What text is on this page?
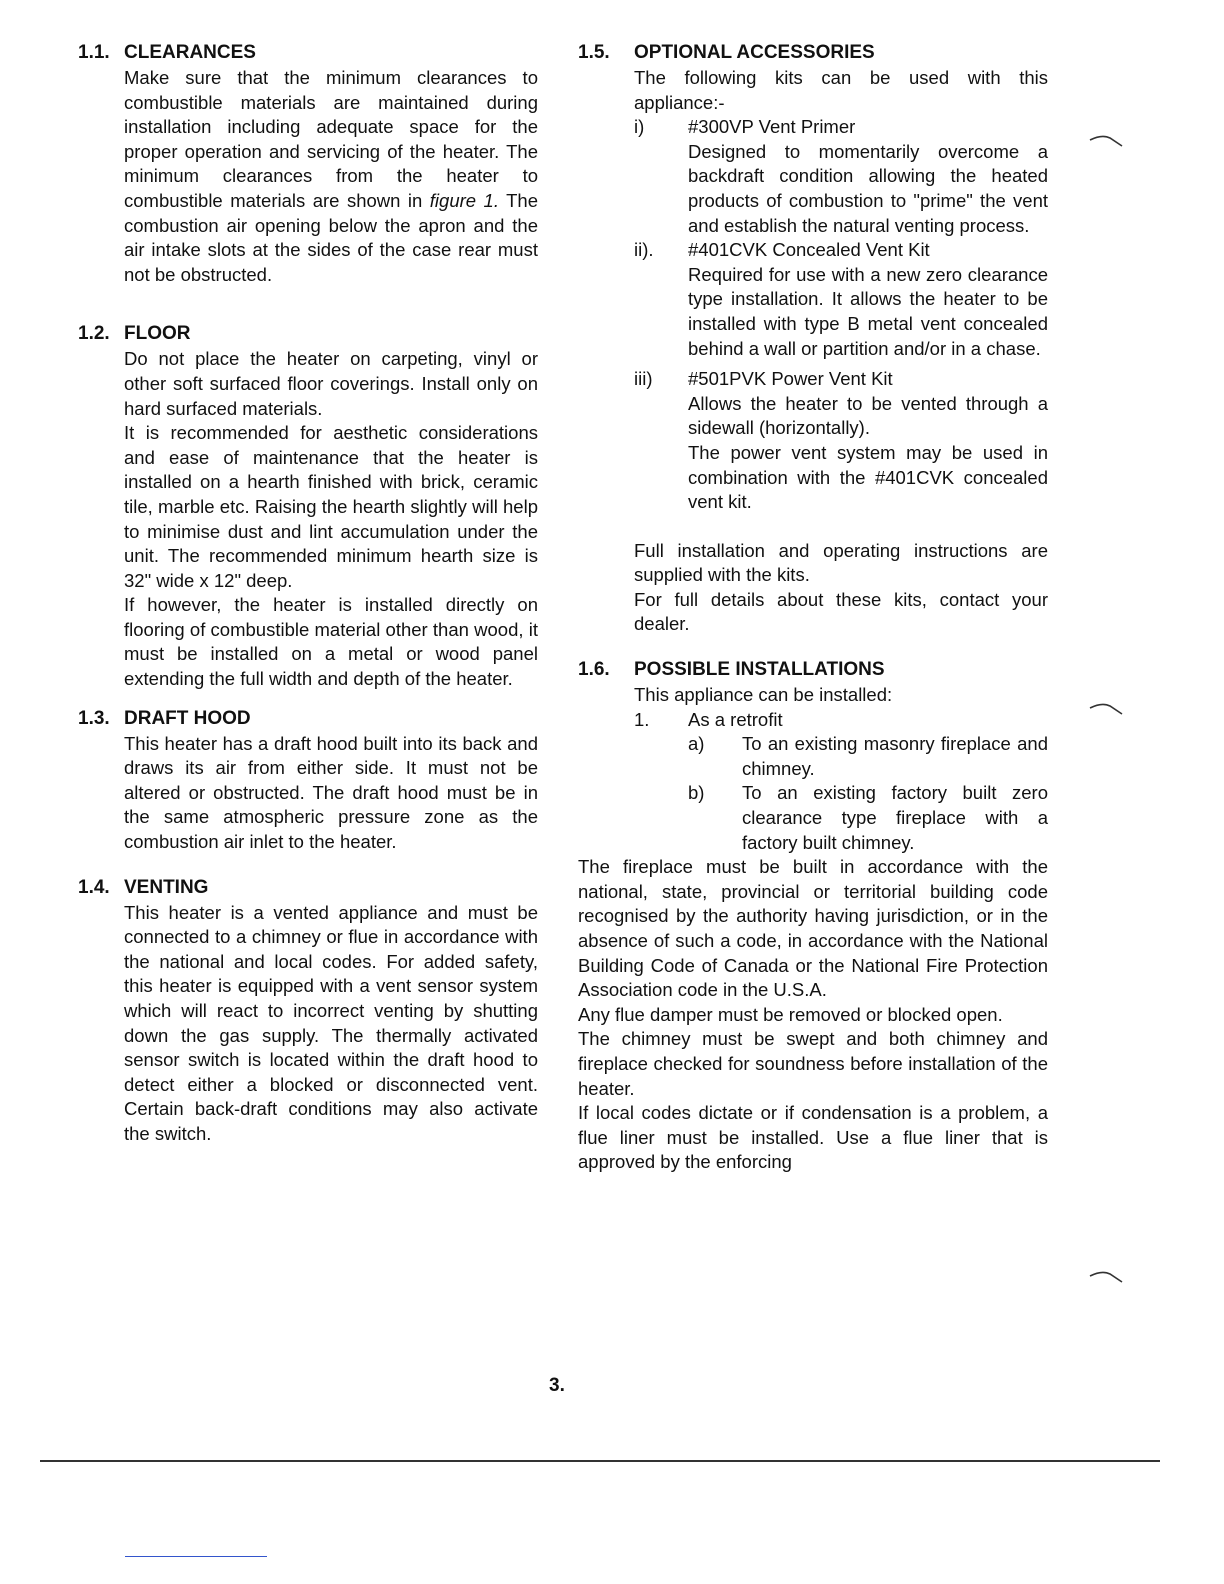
1.1. CLEARANCES

Make sure that the minimum clearances to combustible materials are maintained during installation including adequate space for the proper operation and servicing of the heater. The minimum clearances from the heater to combustible materials are shown in figure 1. The combustion air opening below the apron and the air intake slots at the sides of the case rear must not be obstructed.

1.2. FLOOR

Do not place the heater on carpeting, vinyl or other soft surfaced floor coverings. Install only on hard surfaced materials.

It is recommended for aesthetic considerations and ease of maintenance that the heater is installed on a hearth finished with brick, ceramic tile, marble etc. Raising the hearth slightly will help to minimise dust and lint accumulation under the unit. The recommended minimum hearth size is 32" wide x 12" deep.

If however, the heater is installed directly on flooring of combustible material other than wood, it must be installed on a metal or wood panel extending the full width and depth of the heater.

1.3. DRAFT HOOD

This heater has a draft hood built into its back and draws its air from either side. It must not be altered or obstructed. The draft hood must be in the same atmospheric pressure zone as the combustion air inlet to the heater.

1.4. VENTING

This heater is a vented appliance and must be connected to a chimney or flue in accordance with the national and local codes. For added safety, this heater is equipped with a vent sensor system which will react to incorrect venting by shutting down the gas supply. The thermally activated sensor switch is located within the draft hood to detect either a blocked or disconnected vent. Certain back-draft conditions may also activate the switch.

1.5. OPTIONAL ACCESSORIES

The following kits can be used with this appliance:-

i) #300VP Vent Primer

Designed to momentarily overcome a backdraft condition allowing the heated products of combustion to "prime" the vent and establish the natural venting process.

ii). #401CVK Concealed Vent Kit

Required for use with a new zero clearance type installation. It allows the heater to be installed with type B metal vent concealed behind a wall or partition and/or in a chase.

iii) #501PVK Power Vent Kit

Allows the heater to be vented through a sidewall (horizontally).

The power vent system may be used in combination with the #401CVK concealed vent kit.

Full installation and operating instructions are supplied with the kits.

For full details about these kits, contact your dealer.

1.6. POSSIBLE INSTALLATIONS

This appliance can be installed:

1. As a retrofit

a) To an existing masonry fireplace and chimney.

b) To an existing factory built zero clearance type fireplace with a factory built chimney.

The fireplace must be built in accordance with the national, state, provincial or territorial building code recognised by the authority having jurisdiction, or in the absence of such a code, in accordance with the National Building Code of Canada or the National Fire Protection Association code in the U.S.A.

Any flue damper must be removed or blocked open.

The chimney must be swept and both chimney and fireplace checked for soundness before installation of the heater.

If local codes dictate or if condensation is a problem, a flue liner must be installed. Use a flue liner that is approved by the enforcing

3.
